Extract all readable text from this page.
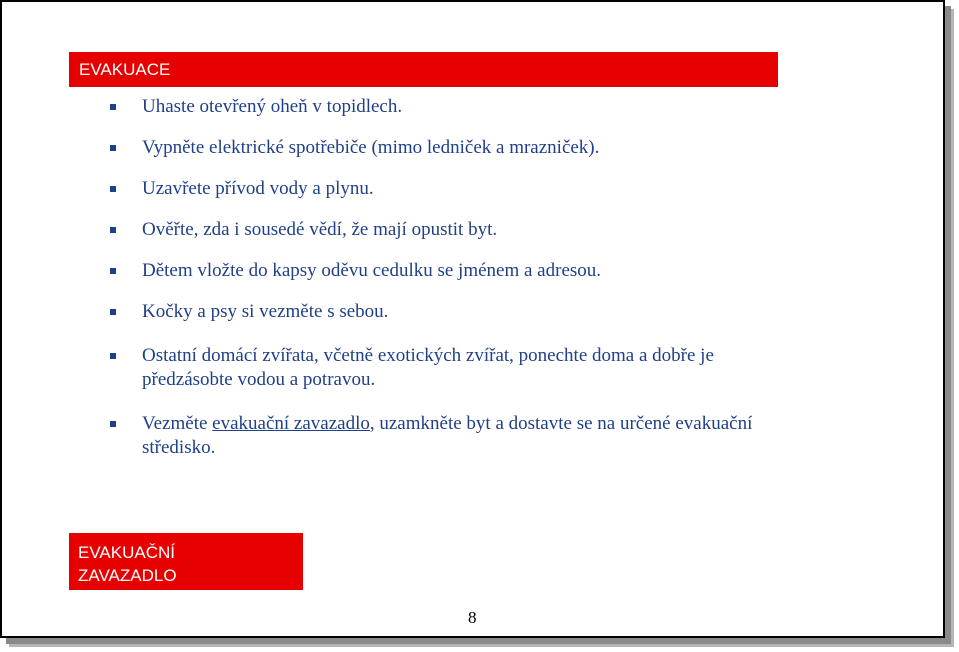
EVAKUACE
Uhaste otevřený oheň v topidlech.
Vypněte elektrické spotřebiče (mimo ledniček a mrazniček).
Uzavřete přívod vody a plynu.
Ověřte, zda i sousedé vědí, že mají opustit byt.
Dětem vložte do kapsy oděvu cedulku se jménem a adresou.
Kočky a psy si vezměte s sebou.
Ostatní domácí zvířata, včetně exotických zvířat, ponechte doma a dobře je předzásobte vodou a potravou.
Vezměte evakuační zavazadlo, uzamkněte byt a dostavte se na určené evakuační středisko.
EVAKUAČNÍ ZAVAZADLO
8
